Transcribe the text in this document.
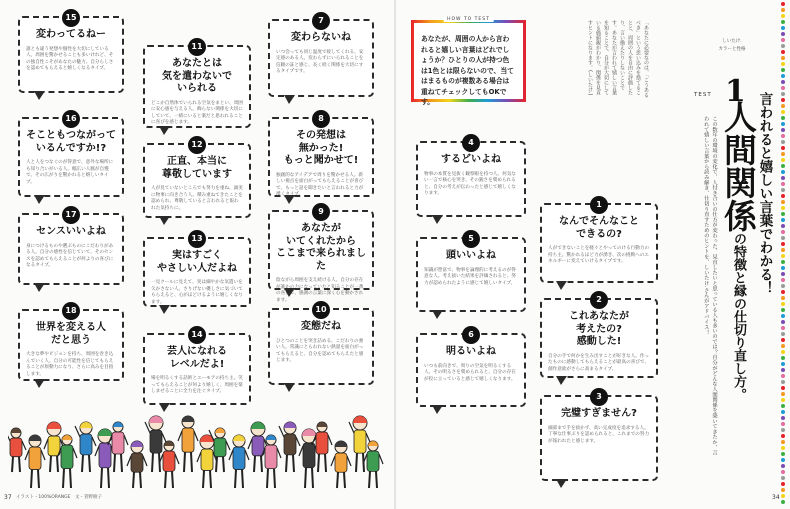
15
変わってるねー
誰とも違う発想や個性を大切にしている人。周囲を驚かせることも多いけれど、その独自性こそがあなたの魅力。自分らしさを認めてもらえると嬉しくなるタイプ。
11
あなたとは
気を遣わないで
いられる
どこか自然体でいられる空気をまとい、周囲に安心感を与える人。飾らない関係を大切にしていて、一緒にいると楽だと思われることに喜びを感じます。
7
変わらないね
いつ会っても同じ温度で接してくれる、安定感のある人。変わらずにいられることを信頼の証と感じ、長く続く関係を大切にするタイプです。
16
そこともつながって
いるんですか!?
人と人をつなぐのが得意で、意外な場所にも知り合いがいる人。幅広い人脈が自慢で、その広がりを驚かれると嬉しいタイプ。
12
正直、本当に
尊敬しています
人が見ていないところでも努力を重ね、誠実に物事に向き合う人。積み重ねてきたことを認められ、尊敬していると言われると報われた気持ちに。
8
その発想は
無かった!
もっと聞かせて!
独創的なアイデアで周りを驚かせる人。新しい視点を面白がってもらえることが喜びで、もっと話を聞きたいと言われると力が湧くタイプ。
17
センスいいよね
身につけるものや選ぶものにこだわりがある人。自分の感性を信じていて、そのセンスを認めてもらえることが何よりの喜びになるタイプ。
13
実はすごく
やさしい人だよね
一見クールに見えて、実は細やかな気遣いを欠かさない人。さりげない優しさに気づいてもらえると、心がほどけるように嬉しくなります。
9
あなたが
いてくれたから
ここまで来られました
陰ながら周囲を支え続ける人。自分の存在が誰かの力になっていたと知ることが一番の喜びで、感謝の言葉に深く心を動かされます。
18
世界を変える人
だと思う
大きな夢やビジョンを持ち、周囲を巻き込んでいく人。自分の可能性を信じてもらえることが原動力になり、さらに高みを目指します。
14
芸人になれる
レベルだよ!
場を明るくする話術とユーモアの持ち主。笑ってもらえることが何より嬉しく、周囲を楽しませることに全力を注ぐタイプ。
10
変態だね
ひとつのことを突き詰める、こだわりの強い人。常識にとらわれない熱量を面白がってもらえると、自分を認めてもらえたと感じます。
HOW TO TEST
あなたが、周囲の人から言われると嬉しい言葉はどれでしょうか？ひとりの人が持つ色は1色とは限らないので、当てはまるものが複数ある場合は重ねてチェックしてもOKです。
「あなたに必要なのは、「こうあるべき」という思い込みを捨てることと、周囲の人を自由に評価したり、言い換えたりしないことです。あなたが言われて嬉しい言葉を知ることで、自分が大切にしている価値観がわかり、関係を見直すヒントになります。(しいたけ.)
4
するどいよね
物事の本質を見抜く観察眼を持つ人。何気ない一言で核心を突き、その鋭さを褒められると、自分の考えが伝わったと感じて嬉しくなります。
5
頭いいよね
知識が豊富で、物事を論理的に考えるのが得意な人。考え抜いた結果を評価されると、努力が認められたように感じて嬉しいタイプ。
6
明るいよね
いつも前向きで、周りの空気を明るくする人。その明るさを褒められると、自分の存在が役に立っていると感じて嬉しくなります。
1
なんでそんなこと
できるの?
人ができないことを軽々とやってのける行動力の持ち主。驚かれるほど力が湧き、次の挑戦へのエネルギーに変えていけるタイプです。
2
これあなたが
考えたの?
感動した!
自分の手で何かを生み出すことが好きな人。作ったものに感動してもらえることが最高の喜びで、創作意欲がさらに高まるタイプ。
3
完璧すぎません?
細部まで手を抜かず、高い完成度を追求する人。丁寧な仕事ぶりを認められると、これまでの努力が報われたと感じます。
しいたけ.
カラーと性格
TEST 1
言われると嬉しい言葉でわかる！
人間関係の特徴と縁の仕切り直し方。
この数年の環境の変化で、人付き合いの仕方が変わった、見直したいと思っている人も多いのでは？自分がどんな人間関係を築いてきたか、言われて嬉しい言葉から読み解き、仕切り直すためのヒントを、しいたけ.さんがアドバイス！
イラスト・100%ORANGE　文・菅野綾子
37	34
